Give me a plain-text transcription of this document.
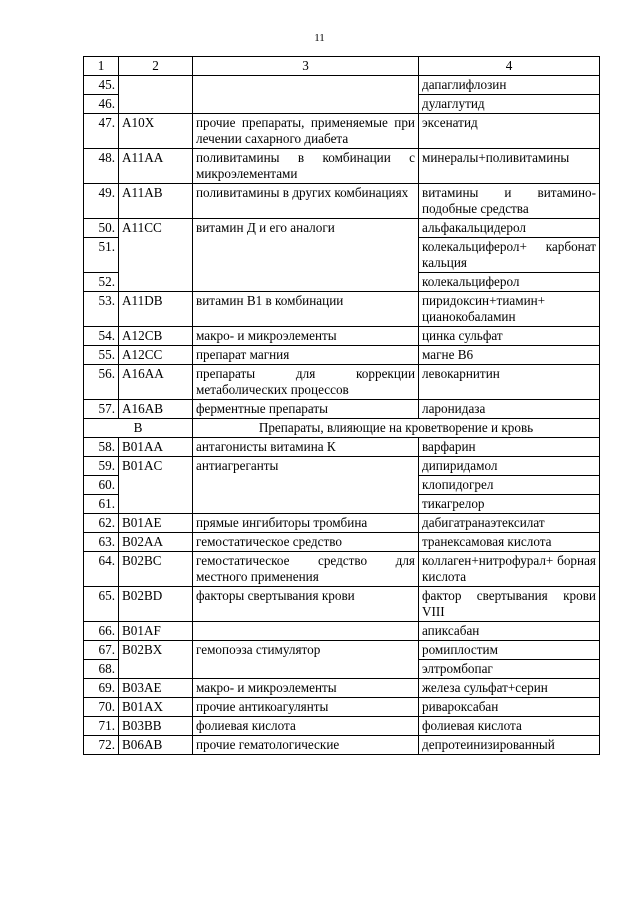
11
1	2	3	4
45.			дапаглифлозин
46.			дулаглутид
47.	A10X	прочие препараты, применяемые при лечении сахарного диабета	эксенатид
48.	A11AA	поливитамины в комбинации с микроэлементами	минералы+поливитамины
49.	A11AB	поливитамины в других комбинациях	витамины и витамино-подобные средства
50.	A11CC	витамин Д и его аналоги	альфакальцидерол
51.			колекальциферол+ карбонат кальция
52.			колекальциферол
53.	A11DB	витамин B1 в комбинации	пиридоксин+тиамин+ цианокобаламин
54.	A12CB	макро- и микроэлементы	цинка сульфат
55.	A12CC	препарат магния	магне В6
56.	A16AA	препараты для коррекции метаболических процессов	левокарнитин
57.	A16AB	ферментные препараты	ларонидаза
B		Препараты, влияющие на кроветворение и кровь	
58.	B01AA	антагонисты витамина К	варфарин
59.	B01AC	антиагреганты	дипиридамол
60.			клопидогрел
61.			тикагрелор
62.	B01AE	прямые ингибиторы тромбина	дабигатранаэтексилат
63.	B02AA	гемостатическое средство	транексамовая кислота
64.	B02BC	гемостатическое средство для местного применения	коллаген+нитрофурал+ борная кислота
65.	B02BD	факторы свертывания крови	фактор свертывания крови VIII
66.	B01AF		апиксабан
67.	B02BX	гемопоэза стимулятор	ромиплостим
68.			элтромбопаг
69.	B03AE	макро- и микроэлементы	железа сульфат+серин
70.	B01AX	прочие антикоагулянты	ривароксабан
71.	B03BB	фолиевая кислота	фолиевая кислота
72.	B06AB	прочие гематологические	депротеинизированный
